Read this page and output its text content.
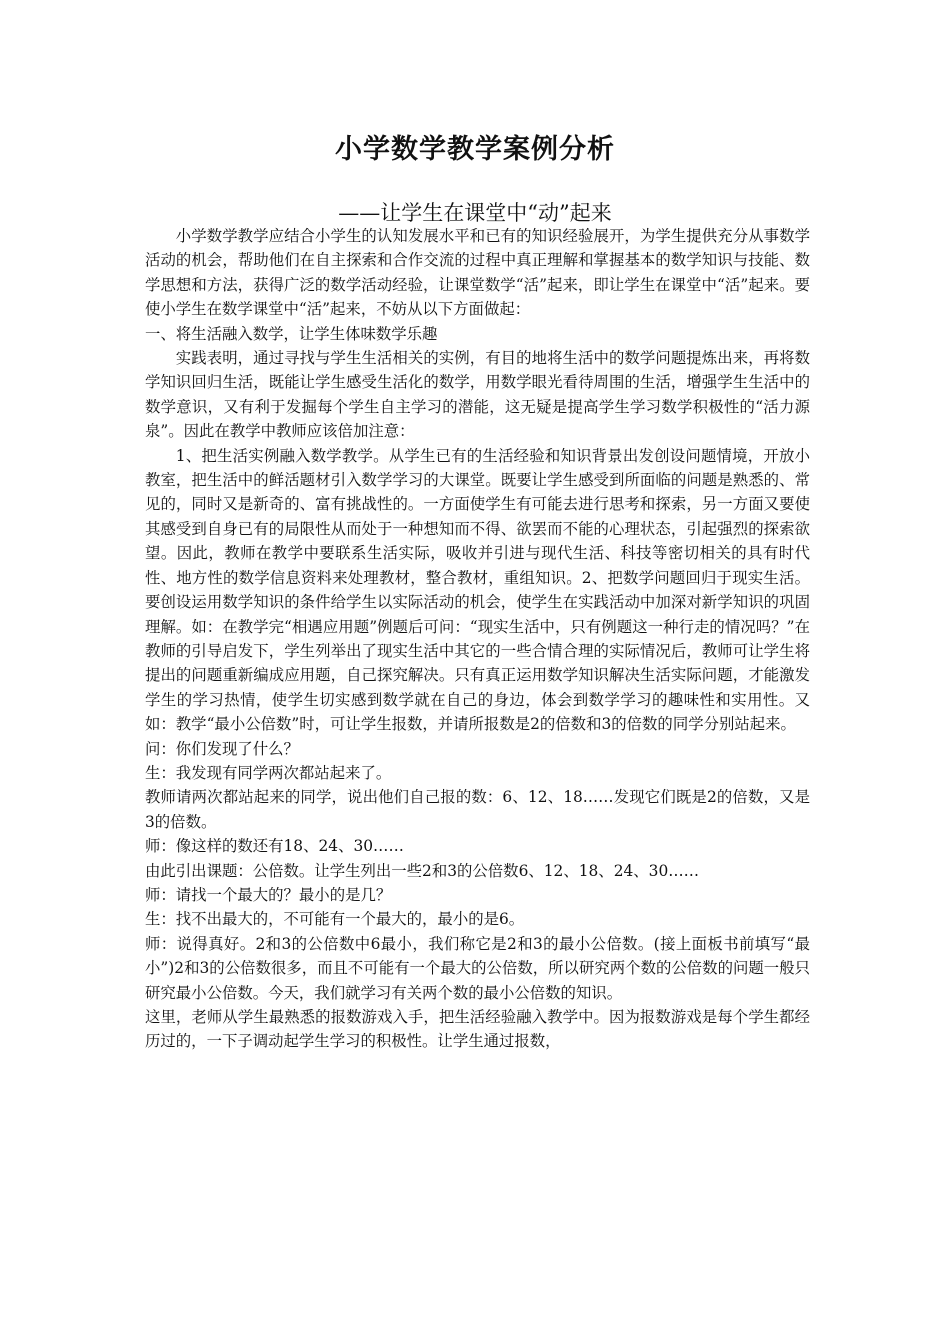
小学数学教学案例分析
——让学生在课堂中“动”起来

小学数学教学应结合小学生的认知发展水平和已有的知识经验展开，为学生提供充分从事数学活动的机会，帮助他们在自主探索和合作交流的过程中真正理解和掌握基本的数学知识与技能、数学思想和方法，获得广泛的数学活动经验，让课堂数学“活”起来，即让学生在课堂中“活”起来。要使小学生在数学课堂中“活”起来，不妨从以下方面做起：

一、将生活融入数学，让学生体味数学乐趣

实践表明，通过寻找与学生生活相关的实例，有目的地将生活中的数学问题提炼出来，再将数学知识回归生活，既能让学生感受生活化的数学，用数学眼光看待周围的生活，增强学生生活中的数学意识，又有利于发掘每个学生自主学习的潜能，这无疑是提高学生学习数学积极性的“活力源泉”。因此在教学中教师应该倍加注意：

1、把生活实例融入数学教学。从学生已有的生活经验和知识背景出发创设问题情境，开放小教室，把生活中的鲜活题材引入数学学习的大课堂。既要让学生感受到所面临的问题是熟悉的、常见的，同时又是新奇的、富有挑战性的。一方面使学生有可能去进行思考和探索，另一方面又要使其感受到自身已有的局限性从而处于一种想知而不得、欲罢而不能的心理状态，引起强烈的探索欲望。因此，教师在教学中要联系生活实际，吸收并引进与现代生活、科技等密切相关的具有时代性、地方性的数学信息资料来处理教材，整合教材，重组知识。2、把数学问题回归于现实生活。要创设运用数学知识的条件给学生以实际活动的机会，使学生在实践活动中加深对新学知识的巩固理解。如：在教学完“相遇应用题”例题后可问：“现实生活中，只有例题这一种行走的情况吗？”在教师的引导启发下，学生列举出了现实生活中其它的一些合情合理的实际情况后，教师可让学生将提出的问题重新编成应用题，自己探究解决。只有真正运用数学知识解决生活实际问题，才能激发学生的学习热情，使学生切实感到数学就在自己的身边，体会到数学学习的趣味性和实用性。又如：教学“最小公倍数”时，可让学生报数，并请所报数是2的倍数和3的倍数的同学分别站起来。

问：你们发现了什么？

生：我发现有同学两次都站起来了。

教师请两次都站起来的同学，说出他们自己报的数：6、12、18……发现它们既是2的倍数，又是3的倍数。

师：像这样的数还有18、24、30……

由此引出课题：公倍数。让学生列出一些2和3的公倍数6、12、18、24、30……

师：请找一个最大的？最小的是几？

生：找不出最大的，不可能有一个最大的，最小的是6。

师：说得真好。2和3的公倍数中6最小，我们称它是2和3的最小公倍数。(接上面板书前填写“最小”)2和3的公倍数很多，而且不可能有一个最大的公倍数，所以研究两个数的公倍数的问题一般只研究最小公倍数。今天，我们就学习有关两个数的最小公倍数的知识。

这里，老师从学生最熟悉的报数游戏入手，把生活经验融入教学中。因为报数游戏是每个学生都经历过的，一下子调动起学生学习的积极性。让学生通过报数，
